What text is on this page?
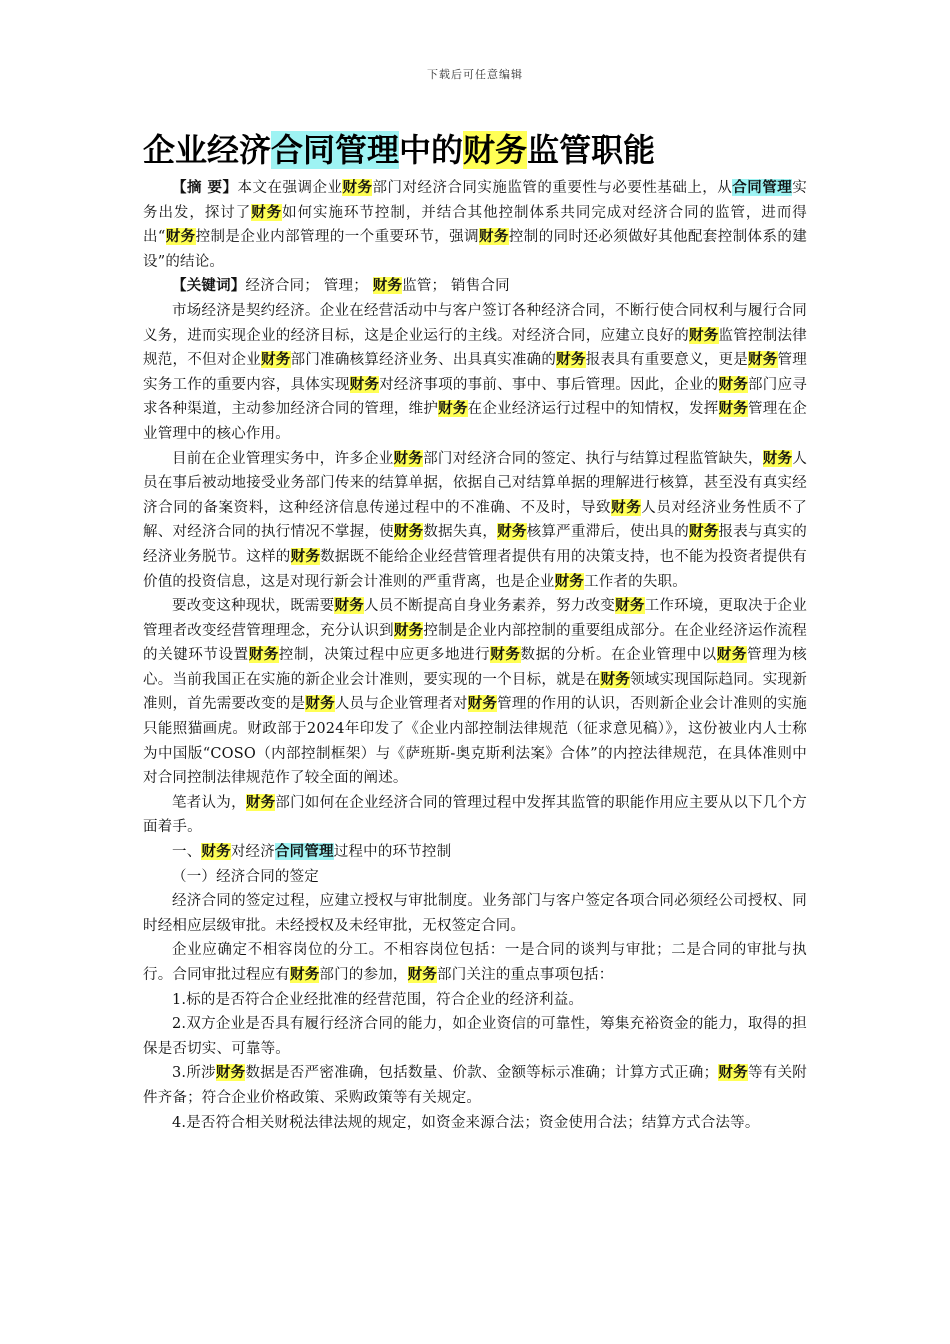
下载后可任意编辑
企业经济合同管理中的财务监管职能

【摘 要】本文在强调企业财务部门对经济合同实施监管的重要性与必要性基础上，从合同管理实务出发，探讨了财务如何实施环节控制，并结合其他控制体系共同完成对经济合同的监管，进而得出“财务控制是企业内部管理的一个重要环节，强调财务控制的同时还必须做好其他配套控制体系的建设”的结论。

【关键词】经济合同； 管理； 财务监管； 销售合同

市场经济是契约经济。企业在经营活动中与客户签订各种经济合同，不断行使合同权利与履行合同义务，进而实现企业的经济目标，这是企业运行的主线。对经济合同，应建立良好的财务监管控制法律规范，不但对企业财务部门准确核算经济业务、出具真实准确的财务报表具有重要意义，更是财务管理实务工作的重要内容，具体实现财务对经济事项的事前、事中、事后管理。因此，企业的财务部门应寻求各种渠道，主动参加经济合同的管理，维护财务在企业经济运行过程中的知情权，发挥财务管理在企业管理中的核心作用。

目前在企业管理实务中，许多企业财务部门对经济合同的签定、执行与结算过程监管缺失，财务人员在事后被动地接受业务部门传来的结算单据，依据自己对结算单据的理解进行核算，甚至没有真实经济合同的备案资料，这种经济信息传递过程中的不准确、不及时，导致财务人员对经济业务性质不了解、对经济合同的执行情况不掌握，使财务数据失真，财务核算严重滞后，使出具的财务报表与真实的经济业务脱节。这样的财务数据既不能给企业经营管理者提供有用的决策支持，也不能为投资者提供有价值的投资信息，这是对现行新会计准则的严重背离，也是企业财务工作者的失职。

要改变这种现状，既需要财务人员不断提高自身业务素养，努力改变财务工作环境，更取决于企业管理者改变经营管理理念，充分认识到财务控制是企业内部控制的重要组成部分。在企业经济运作流程的关键环节设置财务控制，决策过程中应更多地进行财务数据的分析。在企业管理中以财务管理为核心。当前我国正在实施的新企业会计准则，要实现的一个目标，就是在财务领域实现国际趋同。实现新准则，首先需要改变的是财务人员与企业管理者对财务管理的作用的认识，否则新企业会计准则的实施只能照猫画虎。财政部于2024年印发了《企业内部控制法律规范（征求意见稿）》，这份被业内人士称为中国版“COSO（内部控制框架）与《萨班斯-奥克斯利法案》合体”的内控法律规范，在具体准则中对合同控制法律规范作了较全面的阐述。

笔者认为，财务部门如何在企业经济合同的管理过程中发挥其监管的职能作用应主要从以下几个方面着手。

一、财务对经济合同管理过程中的环节控制

（一）经济合同的签定

经济合同的签定过程，应建立授权与审批制度。业务部门与客户签定各项合同必须经公司授权、同时经相应层级审批。未经授权及未经审批，无权签定合同。

企业应确定不相容岗位的分工。不相容岗位包括：一是合同的谈判与审批；二是合同的审批与执行。合同审批过程应有财务部门的参加，财务部门关注的重点事项包括：

1.标的是否符合企业经批准的经营范围，符合企业的经济利益。

2.双方企业是否具有履行经济合同的能力，如企业资信的可靠性，筹集充裕资金的能力，取得的担保是否切实、可靠等。

3.所涉财务数据是否严密准确，包括数量、价款、金额等标示准确；计算方式正确；财务等有关附件齐备；符合企业价格政策、采购政策等有关规定。

4.是否符合相关财税法律法规的规定，如资金来源合法；资金使用合法；结算方式合法等。
